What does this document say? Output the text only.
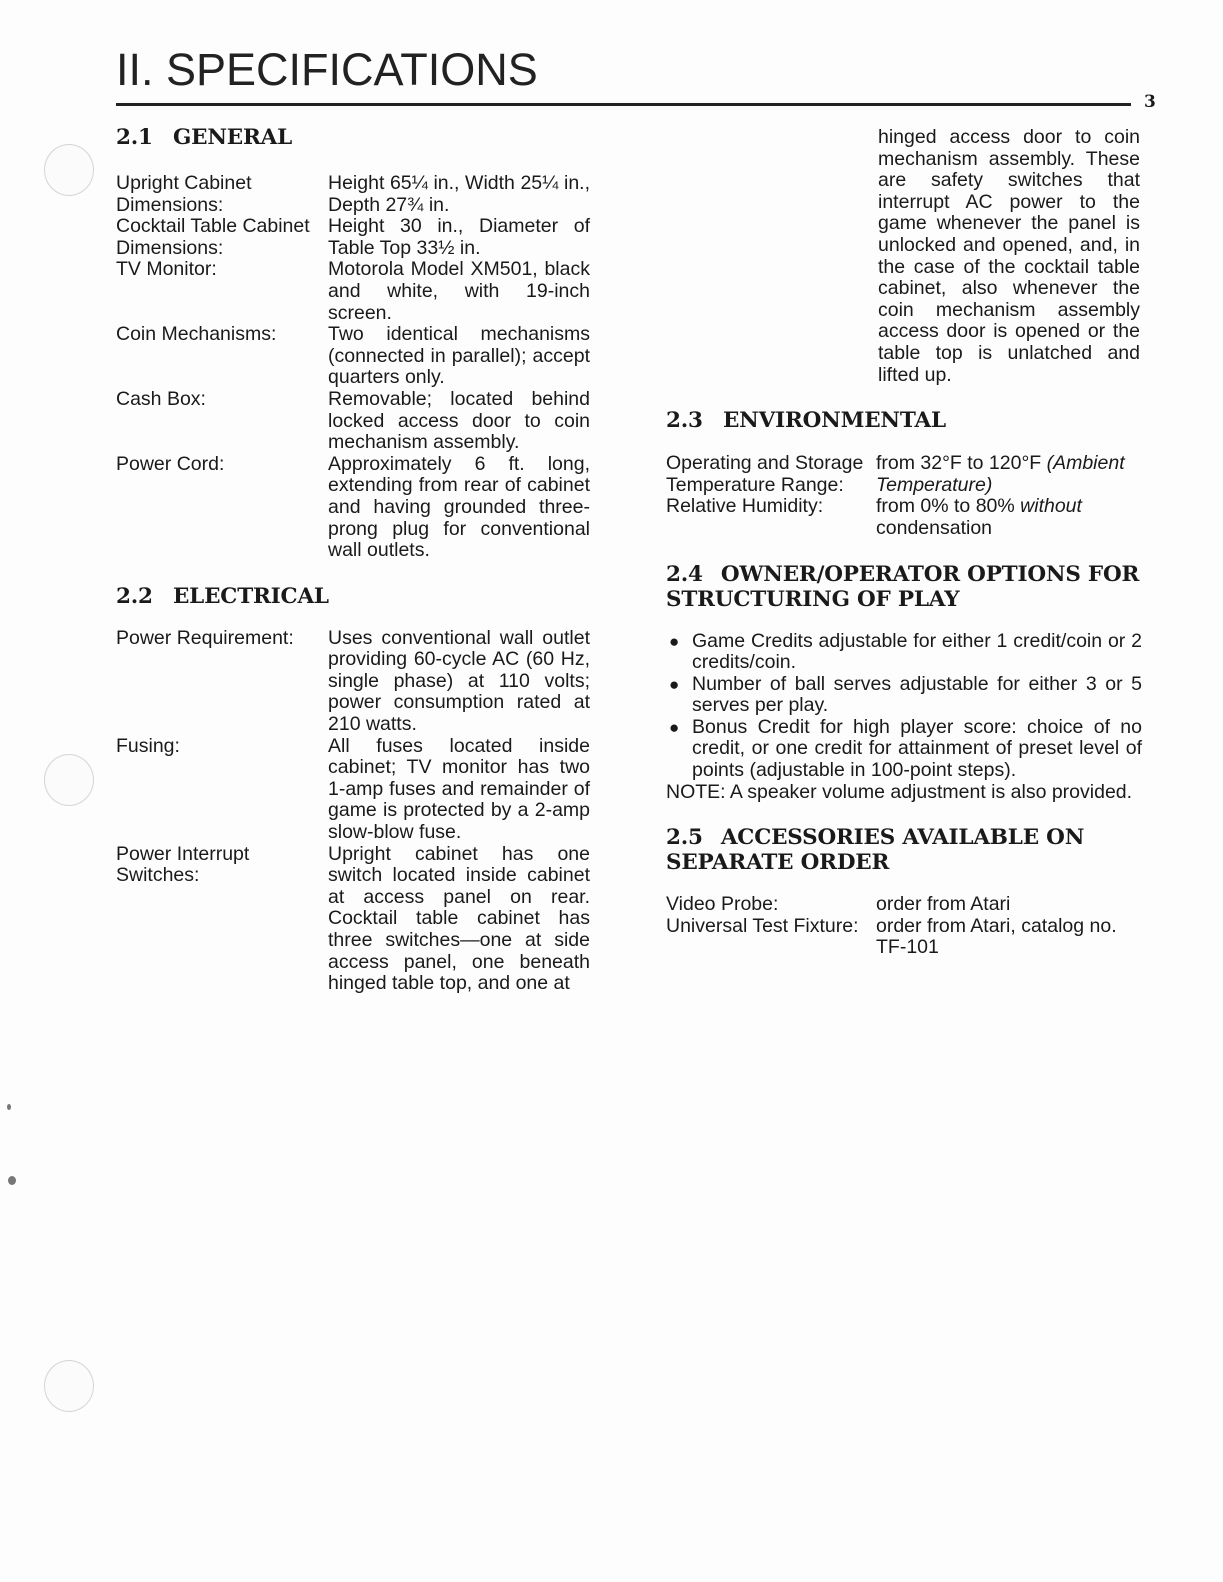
II. SPECIFICATIONS
3
2.1 GENERAL
Upright Cabinet Dimensions:
Height 65¼ in., Width 25¼ in., Depth 27¾ in.
Cocktail Table Cabinet Dimensions:
Height 30 in., Diameter of Table Top 33½ in.
TV Monitor:	Motorola Model XM501, black and white, with 19-inch screen.
Coin Mechanisms:	Two identical mechanisms (connected in parallel); accept quarters only.
Cash Box:	Removable; located behind locked access door to coin mechanism assembly.
Power Cord:	Approximately 6 ft. long, extending from rear of cabinet and having grounded three-prong plug for conventional wall outlets.
2.2 ELECTRICAL
Power Requirement:	Uses conventional wall outlet providing 60-cycle AC (60 Hz, single phase) at 110 volts; power consumption rated at 210 watts.
Fusing:	All fuses located inside cabinet; TV monitor has two 1-amp fuses and remainder of game is protected by a 2-amp slow-blow fuse.
Power Interrupt Switches:
Upright cabinet has one switch located inside cabinet at access panel on rear. Cocktail table cabinet has three switches—one at side access panel, one beneath hinged table top, and one at
hinged access door to coin mechanism assembly. These are safety switches that interrupt AC power to the game whenever the panel is unlocked and opened, and, in the case of the cocktail table cabinet, also whenever the coin mechanism assembly access door is opened or the table top is unlatched and lifted up.
2.3 ENVIRONMENTAL
Operating and Storage Temperature Range:
from 32°F to 120°F (Ambient Temperature)
Relative Humidity:	from 0% to 80% without condensation
2.4 OWNER/OPERATOR OPTIONS FOR STRUCTURING OF PLAY
● Game Credits adjustable for either 1 credit/coin or 2 credits/coin.
● Number of ball serves adjustable for either 3 or 5 serves per play.
● Bonus Credit for high player score: choice of no credit, or one credit for attainment of preset level of points (adjustable in 100-point steps).
NOTE: A speaker volume adjustment is also provided.
2.5 ACCESSORIES AVAILABLE ON SEPARATE ORDER
Video Probe:	order from Atari
Universal Test Fixture: order from Atari, catalog no. TF-101
